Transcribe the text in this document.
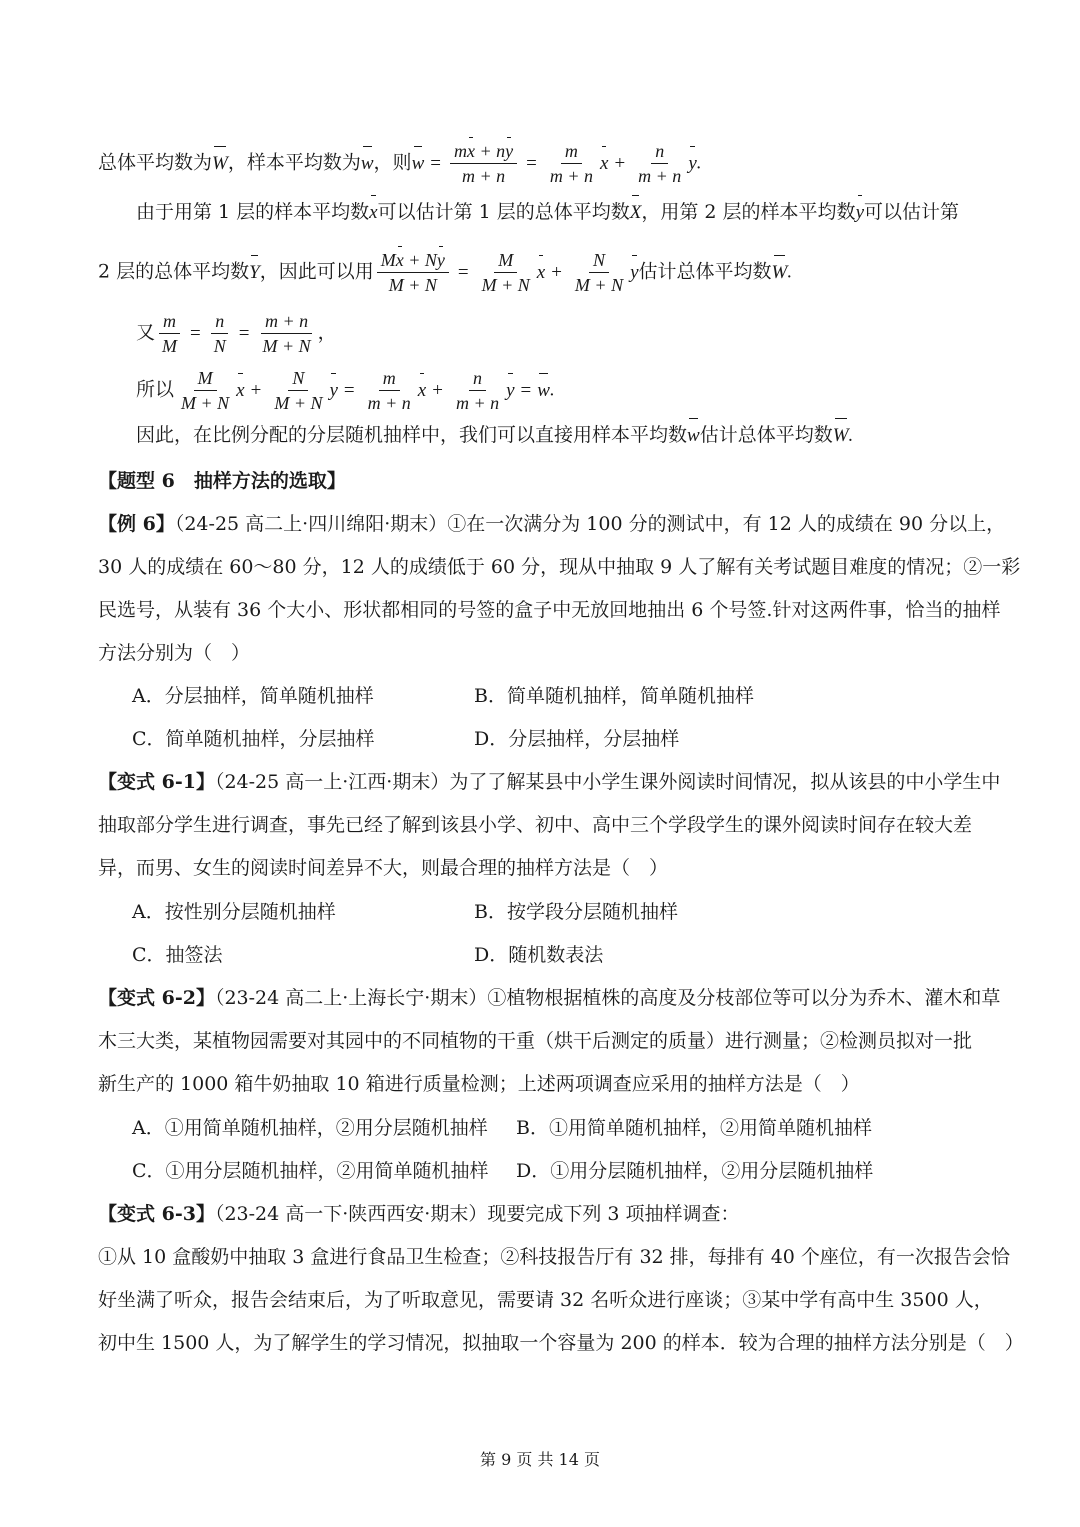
总体平均数为W，样本平均数为w，则$w = \frac{mx + ny}{m + n} = \frac{m}{m + n}$ $x + \frac{n}{m + n} y$.
由于用第 1 层的样本平均数x可以估计第 1 层的总体平均数X，用第 2 层的样本平均数y可以估计第
2 层的总体平均数Y，因此可以用 $\frac{Mx + Ny}{M + N} = \frac{M}{M + N}$ $x + \frac{N}{M + N}$ y估计总体平均数W.
又 $\frac{m}{M} = \frac{n}{N} = \frac{m + n}{M + N}$ ，
所以 $\frac{M}{M + N}$ $x + \frac{N}{M + N}$ $y = \frac{m}{m + n}$ $x + \frac{n}{m + n}$ y = w.
因此，在比例分配的分层随机抽样中，我们可以直接用样本平均数w估计总体平均数W.
【题型 6　抽样方法的选取】
【例 6】（24-25 高二上·四川绵阳·期末）①在一次满分为 100 分的测试中，有 12 人的成绩在 90 分以上，
30 人的成绩在 60～80 分，12 人的成绩低于 60 分，现从中抽取 9 人了解有关考试题目难度的情况；②一彩
民选号，从装有 36 个大小、形状都相同的号签的盒子中无放回地抽出 6 个号签.针对这两件事，恰当的抽样
方法分别为（　）
A．分层抽样，简单随机抽样	B．简单随机抽样，简单随机抽样
C．简单随机抽样，分层抽样	D．分层抽样，分层抽样
【变式 6-1】（24-25 高一上·江西·期末）为了了解某县中小学生课外阅读时间情况，拟从该县的中小学生中
抽取部分学生进行调查，事先已经了解到该县小学、初中、高中三个学段学生的课外阅读时间存在较大差
异，而男、女生的阅读时间差异不大，则最合理的抽样方法是（　）
A．按性别分层随机抽样	B．按学段分层随机抽样
C．抽签法	D．随机数表法
【变式 6-2】（23-24 高二上·上海长宁·期末）①植物根据植株的高度及分枝部位等可以分为乔木、灌木和草
木三大类，某植物园需要对其园中的不同植物的干重（烘干后测定的质量）进行测量；②检测员拟对一批
新生产的 1000 箱牛奶抽取 10 箱进行质量检测；上述两项调查应采用的抽样方法是（　）
A．①用简单随机抽样，②用分层随机抽样 B．①用简单随机抽样，②用简单随机抽样
C．①用分层随机抽样，②用简单随机抽样 D．①用分层随机抽样，②用分层随机抽样
【变式 6-3】（23-24 高一下·陕西西安·期末）现要完成下列 3 项抽样调查：
①从 10 盒酸奶中抽取 3 盒进行食品卫生检查；②科技报告厅有 32 排，每排有 40 个座位，有一次报告会恰
好坐满了听众，报告会结束后，为了听取意见，需要请 32 名听众进行座谈；③某中学有高中生 3500 人，
初中生 1500 人，为了解学生的学习情况，拟抽取一个容量为 200 的样本．较为合理的抽样方法分别是（　）
第 9 页 共 14 页
